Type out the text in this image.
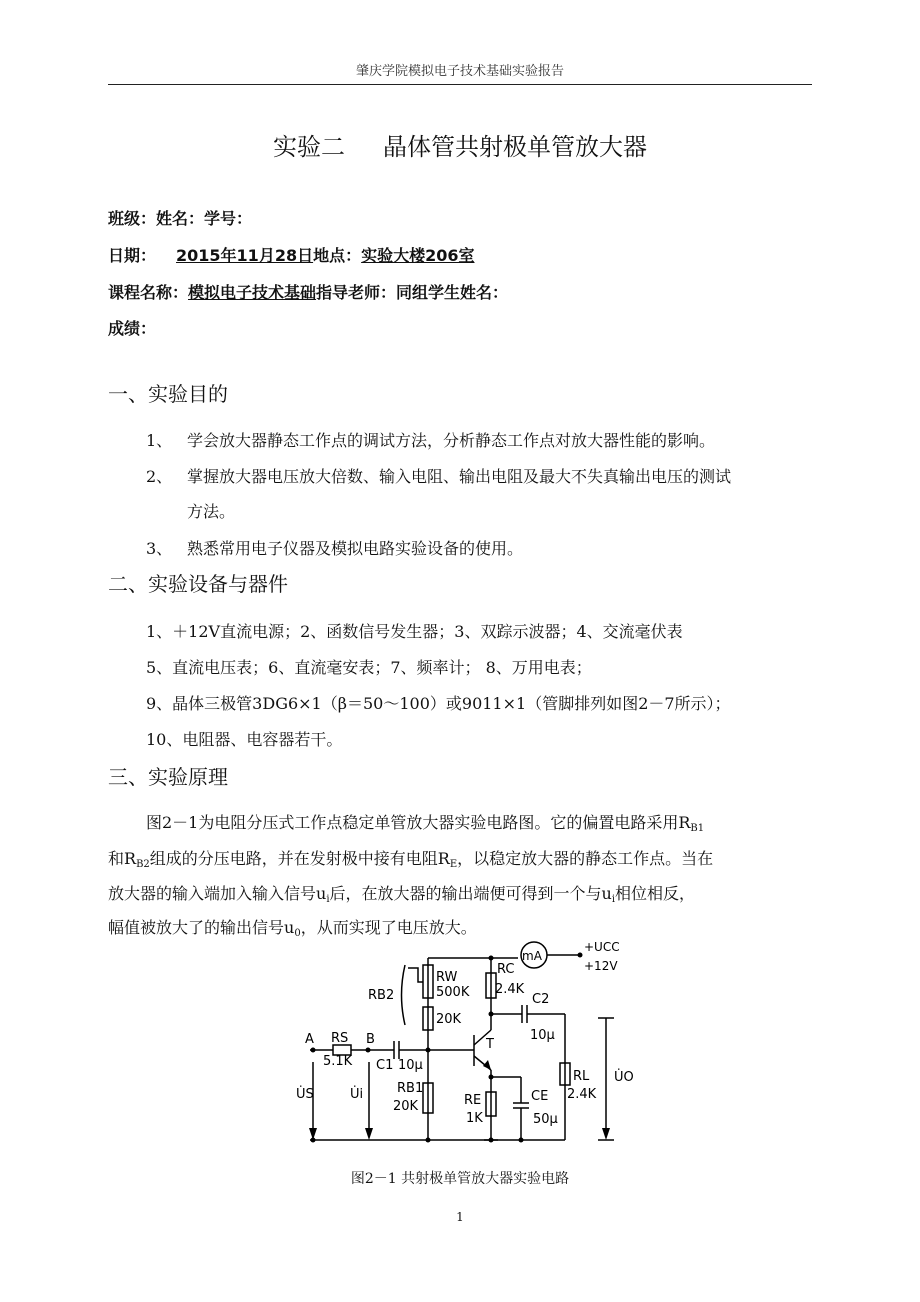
肇庆学院模拟电子技术基础实验报告
实验二 晶体管共射极单管放大器
班级：姓名：学号：
日期： 2015年11月28日地点：实验大楼206室
课程名称：模拟电子技术基础指导老师：同组学生姓名：
成绩：
一、实验目的
1、 学会放大器静态工作点的调试方法，分析静态工作点对放大器性能的影响。
2、 掌握放大器电压放大倍数、输入电阻、输出电阻及最大不失真输出电压的测试
方法。
3、 熟悉常用电子仪器及模拟电路实验设备的使用。
二、实验设备与器件
1、＋12V直流电源；2、函数信号发生器；3、双踪示波器；4、交流毫伏表
5、直流电压表；6、直流毫安表；7、频率计； 8、万用电表；
9、晶体三极管3DG6×1（β＝50～100）或9011×1（管脚排列如图2－7所示）；
10、电阻器、电容器若干。
三、实验原理
图2－1为电阻分压式工作点稳定单管放大器实验电路图。它的偏置电路采用$R_{B1}$
和$R_{B2}$组成的分压电路，并在发射极中接有电阻$R_E$，以稳定放大器的静态工作点。当在
放大器的输入端加入输入信号$u_i$后，在放大器的输出端便可得到一个与$u_i$相位相反，
幅值被放大了的输出信号$u_0$，从而实现了电压放大。
mA
+UCC
+12V
RW
500K
20K
RB2
RC
2.4K
C2
10μ
A	B
RS
5.1K C1 10μ
T
RB1
20K	RE
1K
CE
50μ
RL
2.4K
U̇S	U̇i
U̇O
图2－1 共射极单管放大器实验电路
1
